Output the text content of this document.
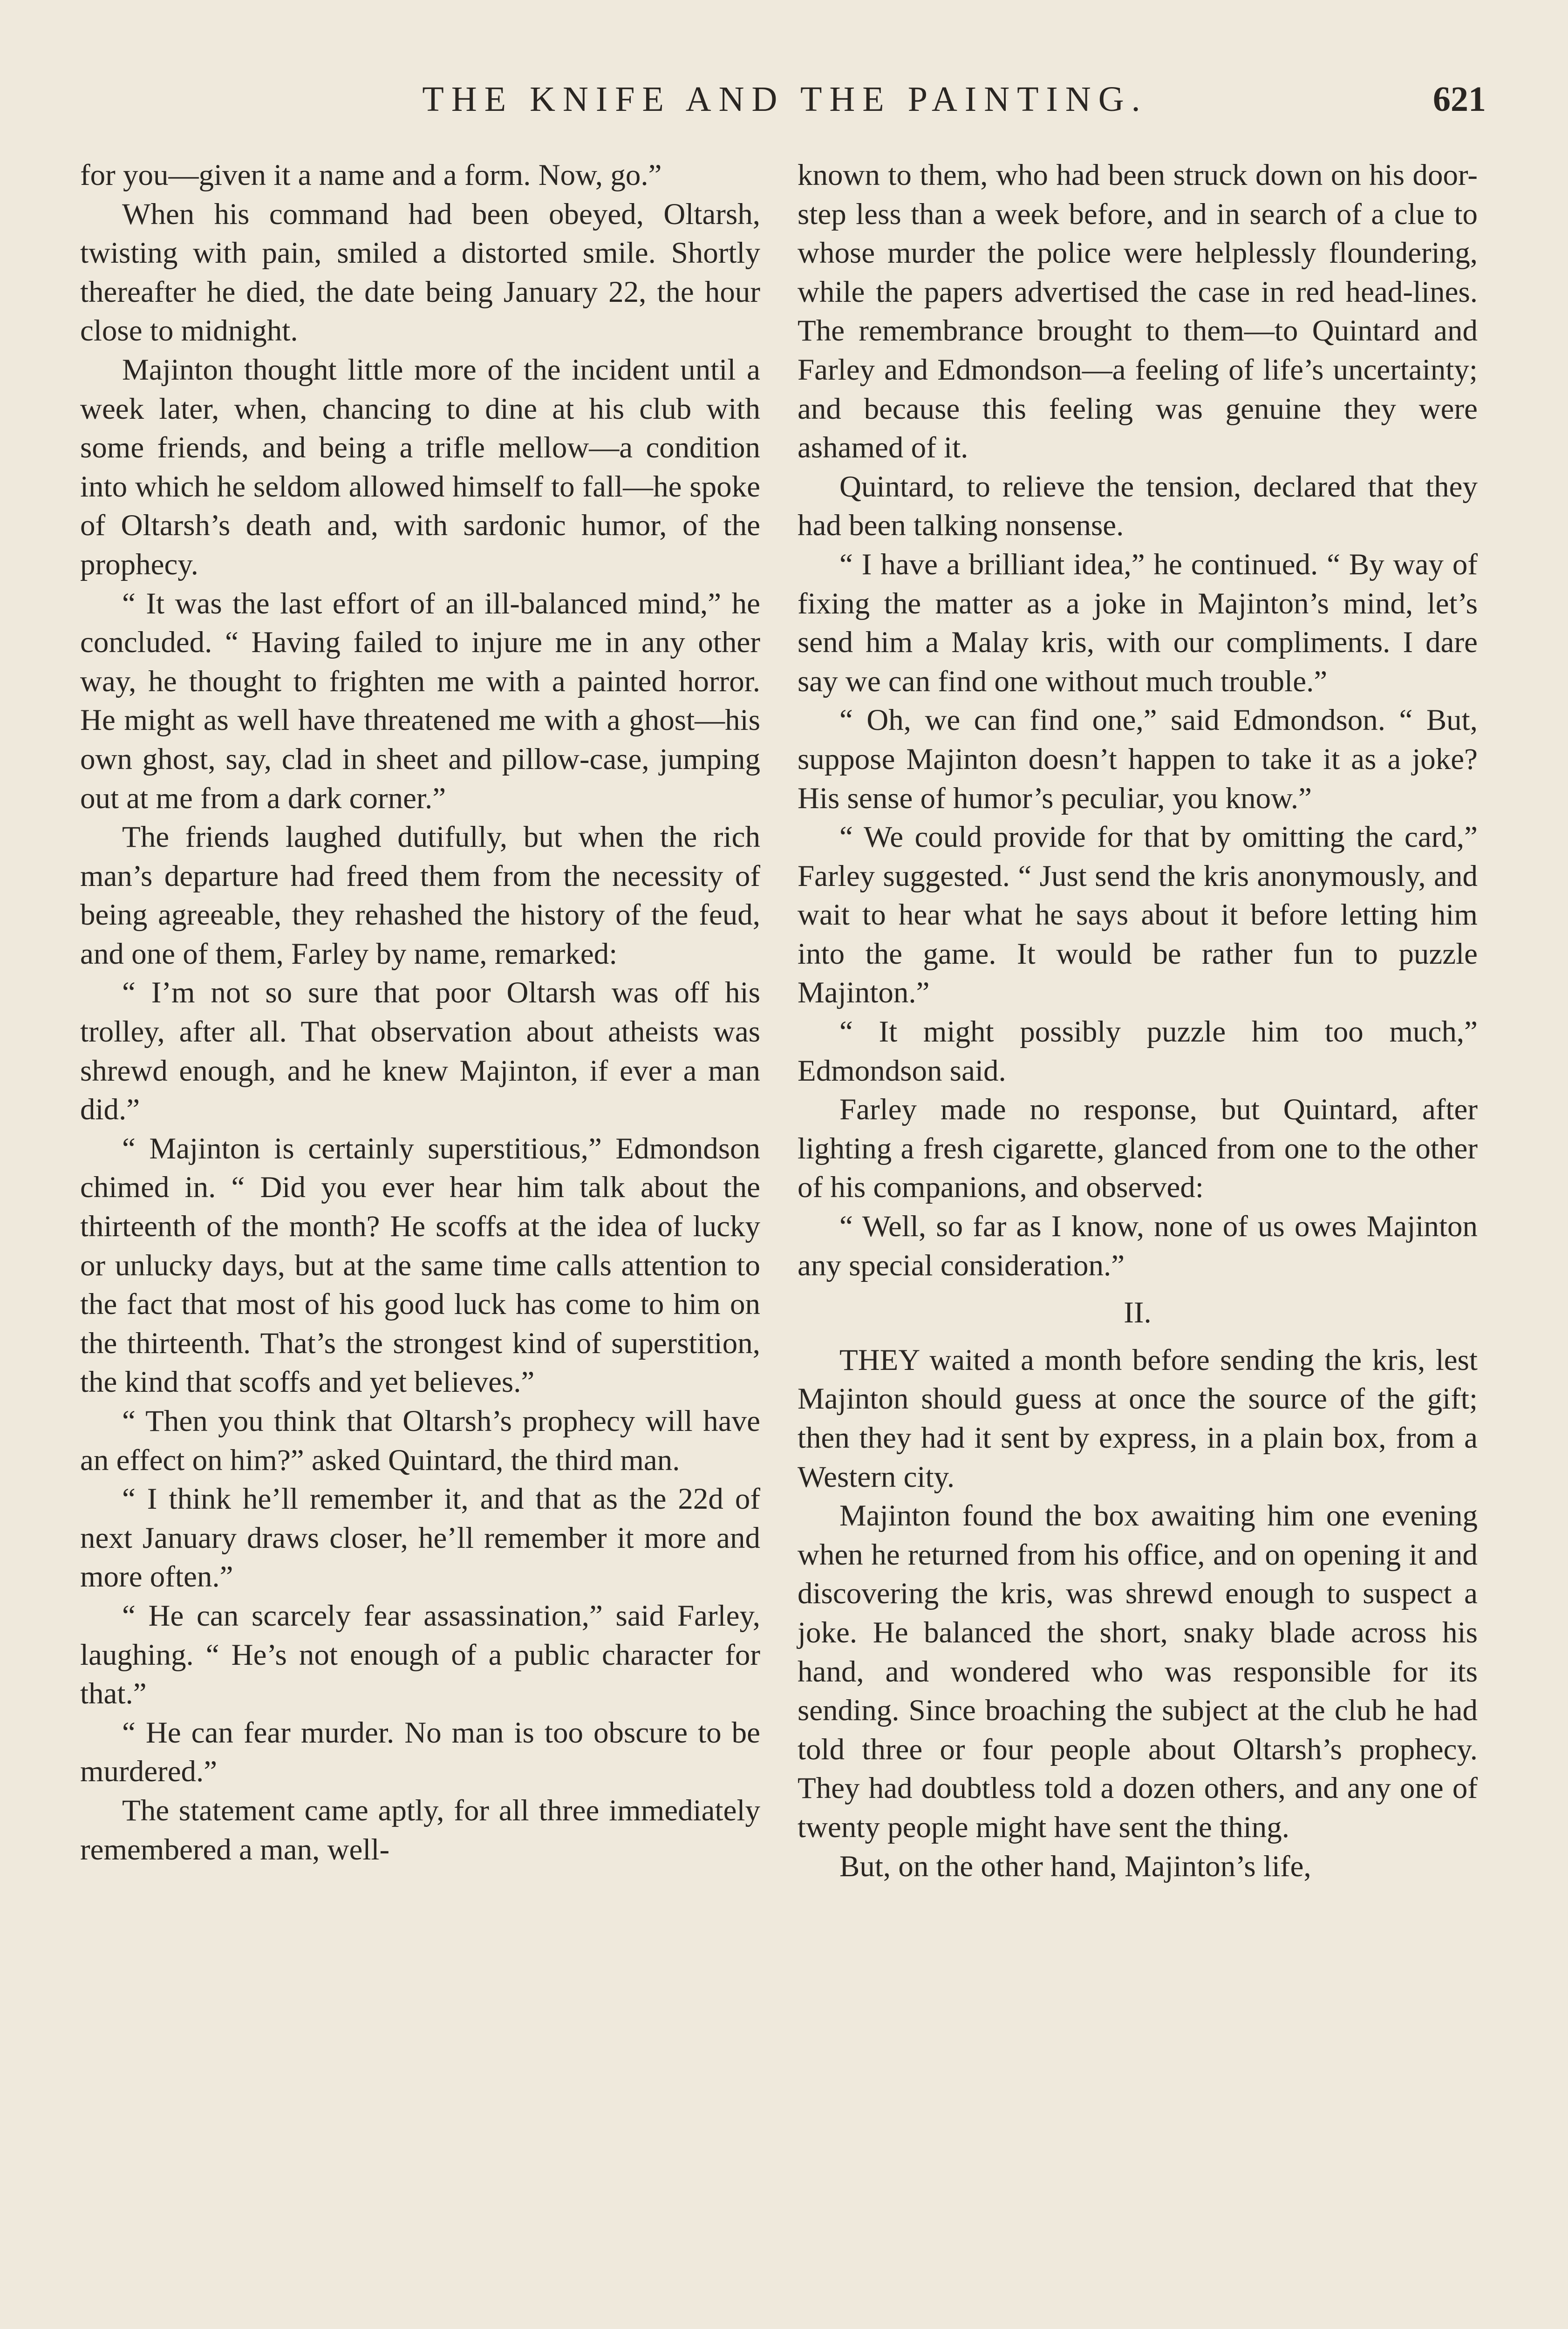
THE KNIFE AND THE PAINTING.	621

for you—given it a name and a form. Now, go.”

When his command had been obeyed, Oltarsh, twisting with pain, smiled a distorted smile. Shortly thereafter he died, the date being January 22, the hour close to midnight.

Majinton thought little more of the incident until a week later, when, chancing to dine at his club with some friends, and being a trifle mellow—a condition into which he seldom allowed himself to fall—he spoke of Oltarsh’s death and, with sardonic humor, of the prophecy.

“ It was the last effort of an ill-balanced mind,” he concluded. “ Having failed to injure me in any other way, he thought to frighten me with a painted horror. He might as well have threatened me with a ghost—his own ghost, say, clad in sheet and pillow-case, jumping out at me from a dark corner.”

The friends laughed dutifully, but when the rich man’s departure had freed them from the necessity of being agreeable, they rehashed the history of the feud, and one of them, Farley by name, remarked:

“ I’m not so sure that poor Oltarsh was off his trolley, after all. That observation about atheists was shrewd enough, and he knew Majinton, if ever a man did.”

“ Majinton is certainly superstitious,” Edmondson chimed in. “ Did you ever hear him talk about the thirteenth of the month? He scoffs at the idea of lucky or unlucky days, but at the same time calls attention to the fact that most of his good luck has come to him on the thirteenth. That’s the strongest kind of superstition, the kind that scoffs and yet believes.”

“ Then you think that Oltarsh’s prophecy will have an effect on him?” asked Quintard, the third man.

“ I think he’ll remember it, and that as the 22d of next January draws closer, he’ll remember it more and more often.”

“ He can scarcely fear assassination,” said Farley, laughing. “ He’s not enough of a public character for that.”

“ He can fear murder. No man is too obscure to be murdered.”

The statement came aptly, for all three immediately remembered a man, well-

known to them, who had been struck down on his door-step less than a week before, and in search of a clue to whose murder the police were helplessly floundering, while the papers advertised the case in red head-lines. The remembrance brought to them—to Quintard and Farley and Edmondson—a feeling of life’s uncertainty; and because this feeling was genuine they were ashamed of it.

Quintard, to relieve the tension, declared that they had been talking nonsense.

“ I have a brilliant idea,” he continued. “ By way of fixing the matter as a joke in Majinton’s mind, let’s send him a Malay kris, with our compliments. I dare say we can find one without much trouble.”

“ Oh, we can find one,” said Edmondson. “ But, suppose Majinton doesn’t happen to take it as a joke? His sense of humor’s peculiar, you know.”

“ We could provide for that by omitting the card,” Farley suggested. “ Just send the kris anonymously, and wait to hear what he says about it before letting him into the game. It would be rather fun to puzzle Majinton.”

“ It might possibly puzzle him too much,” Edmondson said.

Farley made no response, but Quintard, after lighting a fresh cigarette, glanced from one to the other of his companions, and observed:

“ Well, so far as I know, none of us owes Majinton any special consideration.”

II.

THEY waited a month before sending the kris, lest Majinton should guess at once the source of the gift; then they had it sent by express, in a plain box, from a Western city.

Majinton found the box awaiting him one evening when he returned from his office, and on opening it and discovering the kris, was shrewd enough to suspect a joke. He balanced the short, snaky blade across his hand, and wondered who was responsible for its sending. Since broaching the subject at the club he had told three or four people about Oltarsh’s prophecy. They had doubtless told a dozen others, and any one of twenty people might have sent the thing.

But, on the other hand, Majinton’s life,
